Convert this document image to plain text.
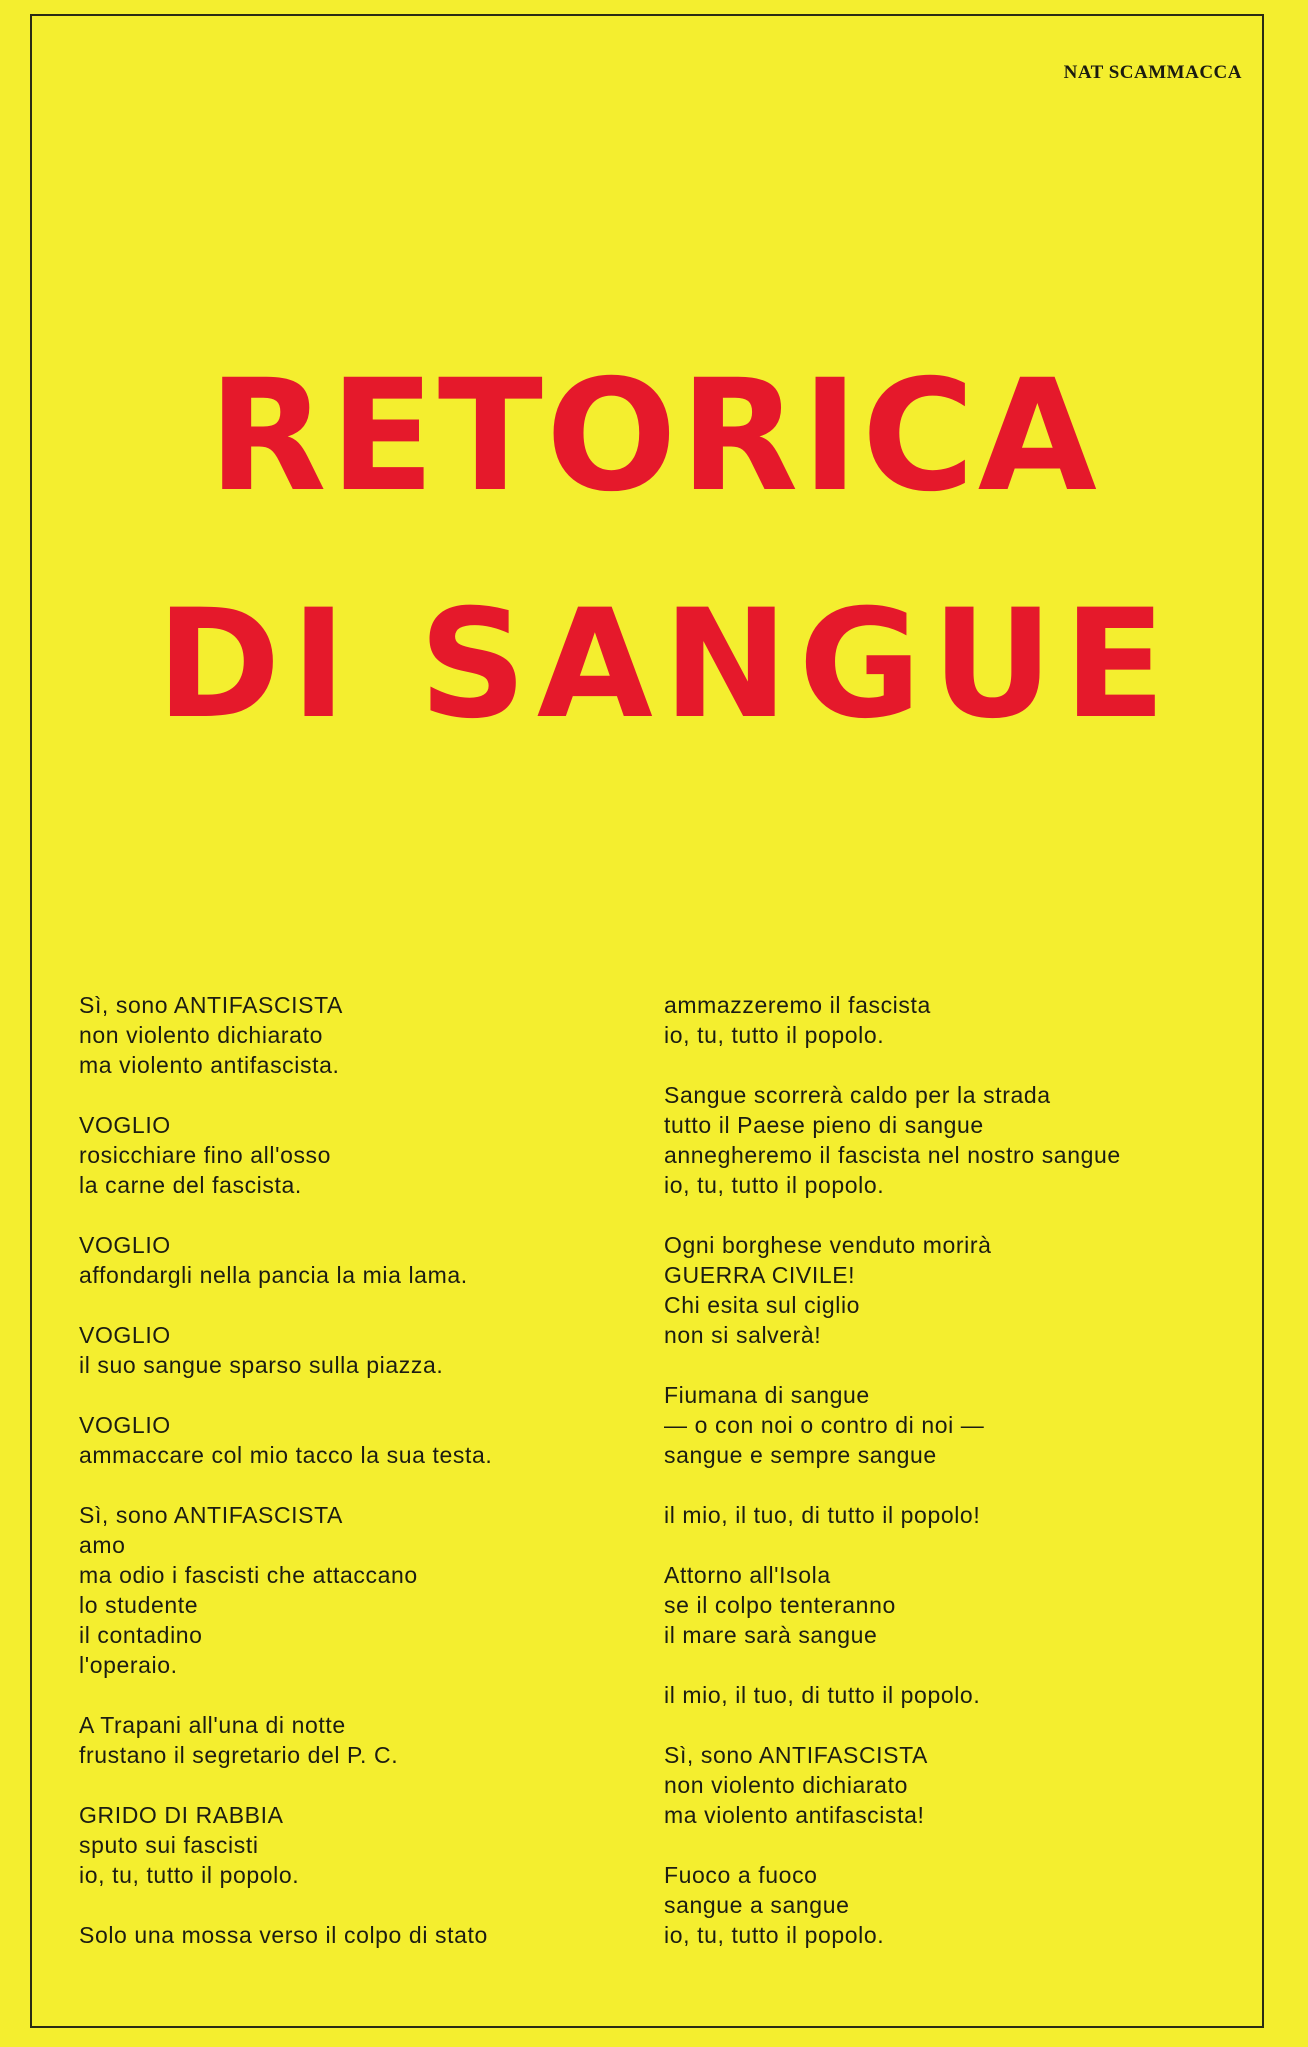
NAT SCAMMACCA
RETORICA
DI SANGUE
Sì, sono ANTIFASCISTA
non violento dichiarato
ma violento antifascista.
VOGLIO
rosicchiare fino all'osso
la carne del fascista.
VOGLIO
affondargli nella pancia la mia lama.
VOGLIO
il suo sangue sparso sulla piazza.
VOGLIO
ammaccare col mio tacco la sua testa.
Sì, sono ANTIFASCISTA
amo
ma odio i fascisti che attaccano
lo studente
il contadino
l'operaio.
A Trapani all'una di notte
frustano il segretario del P. C.
GRIDO DI RABBIA
sputo sui fascisti
io, tu, tutto il popolo.
Solo una mossa verso il colpo di stato
ammazzeremo il fascista
io, tu, tutto il popolo.
Sangue scorrerà caldo per la strada
tutto il Paese pieno di sangue
annegheremo il fascista nel nostro sangue
io, tu, tutto il popolo.
Ogni borghese venduto morirà
GUERRA CIVILE!
Chi esita sul ciglio
non si salverà!
Fiumana di sangue
— o con noi o contro di noi —
sangue e sempre sangue
il mio, il tuo, di tutto il popolo!
Attorno all'Isola
se il colpo tenteranno
il mare sarà sangue
il mio, il tuo, di tutto il popolo.
Sì, sono ANTIFASCISTA
non violento dichiarato
ma violento antifascista!
Fuoco a fuoco
sangue a sangue
io, tu, tutto il popolo.
